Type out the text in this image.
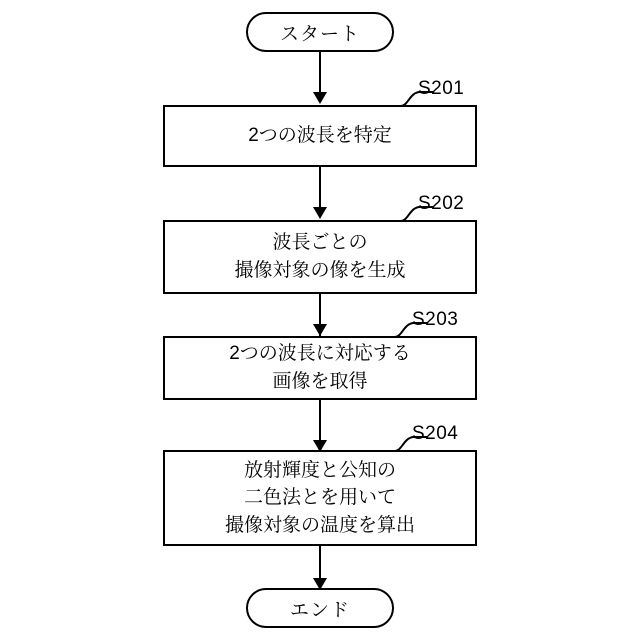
スタート
2つの波長を特定
S201
波長ごとの
撮像対象の像を生成
S202
2つの波長に対応する
画像を取得
S203
放射輝度と公知の
二色法とを用いて
撮像対象の温度を算出
S204
エンド
